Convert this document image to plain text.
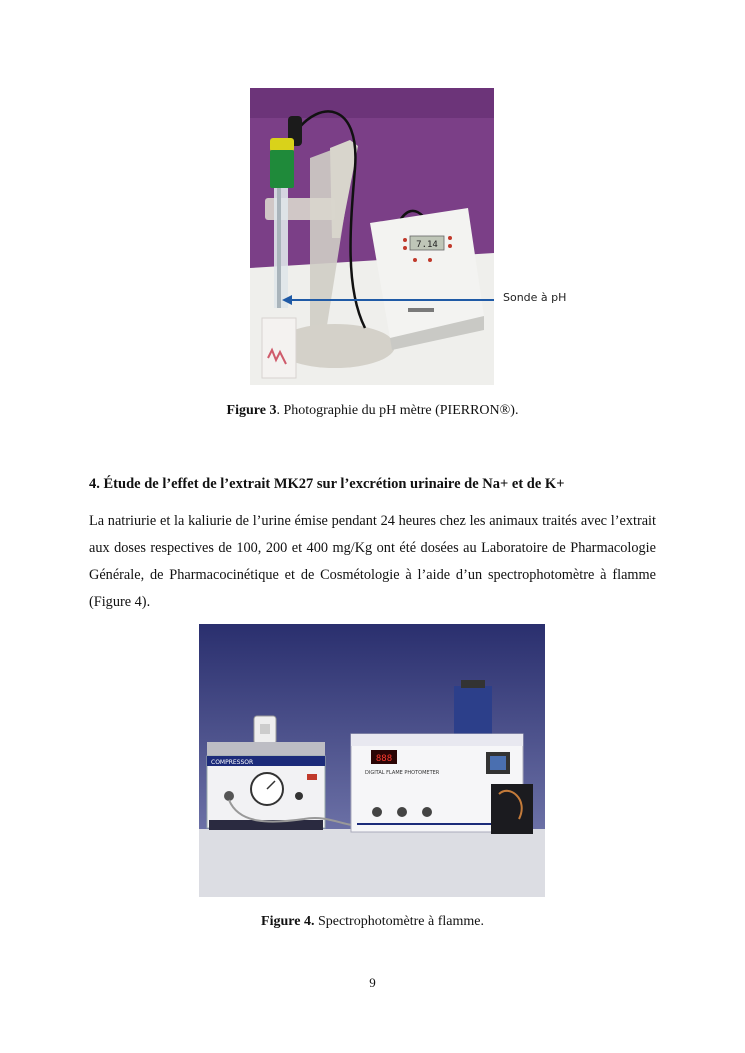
7.14
Sonde à pH
Figure 3. Photographie du pH mètre (PIERRON®).
4. Étude de l’effet de l’extrait MK27 sur l’excrétion urinaire de Na+ et de K+
La natriurie et la kaliurie de l’urine émise pendant 24 heures chez les animaux traités avec l’extrait aux doses respectives de 100, 200 et 400 mg/Kg ont été dosées au Laboratoire de Pharmacologie Générale, de Pharmacocinétique et de Cosmétologie à l’aide d’un spectrophotomètre à flamme (Figure 4).
COMPRESSOR	888
DIGITAL FLAME PHOTOMETER
Figure 4. Spectrophotomètre à flamme.
9
